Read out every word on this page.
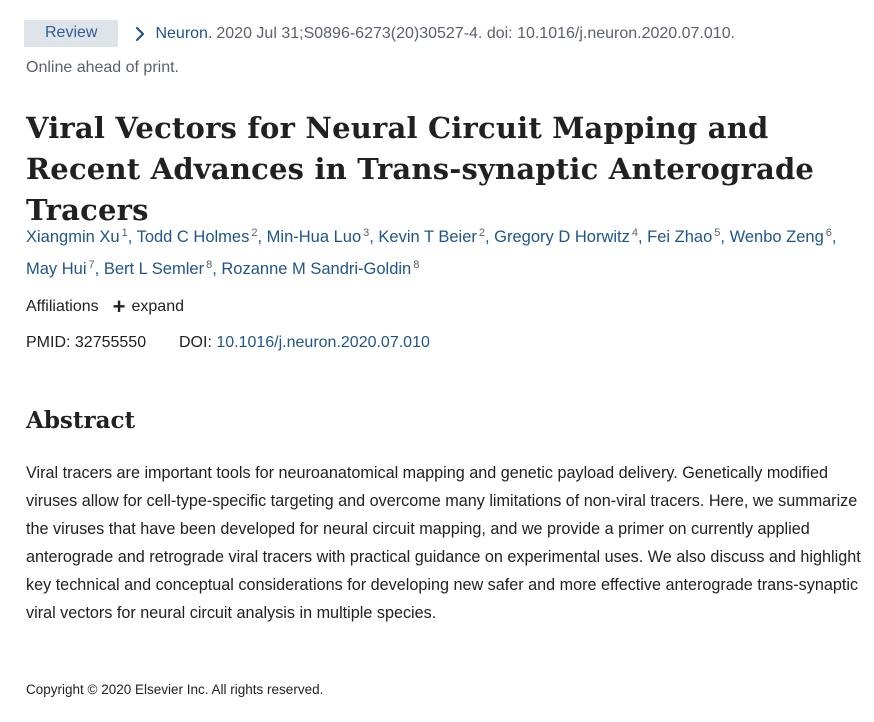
Review	Neuron. 2020 Jul 31;S0896-6273(20)30527-4. doi: 10.1016/j.neuron.2020.07.010.
Online ahead of print.
Viral Vectors for Neural Circuit Mapping and Recent Advances in Trans-synaptic Anterograde Tracers
Xiangmin Xu $^1$, Todd C Holmes $^2$, Min-Hua Luo $^3$, Kevin T Beier $^2$, Gregory D Horwitz $^4$, Fei Zhao $^5$, Wenbo Zeng $^6$, May Hui $^7$, Bert L Semler $^8$, Rozanne M Sandri-Goldin $^8$
Affiliations + expand
PMID: 32755550 DOI: 10.1016/j.neuron.2020.07.010
Abstract

Viral tracers are important tools for neuroanatomical mapping and genetic payload delivery. Genetically modified viruses allow for cell-type-specific targeting and overcome many limitations of non-viral tracers. Here, we summarize the viruses that have been developed for neural circuit mapping, and we provide a primer on currently applied anterograde and retrograde viral tracers with practical guidance on experimental uses. We also discuss and highlight key technical and conceptual considerations for developing new safer and more effective anterograde trans-synaptic viral vectors for neural circuit analysis in multiple species.

Copyright © 2020 Elsevier Inc. All rights reserved.
